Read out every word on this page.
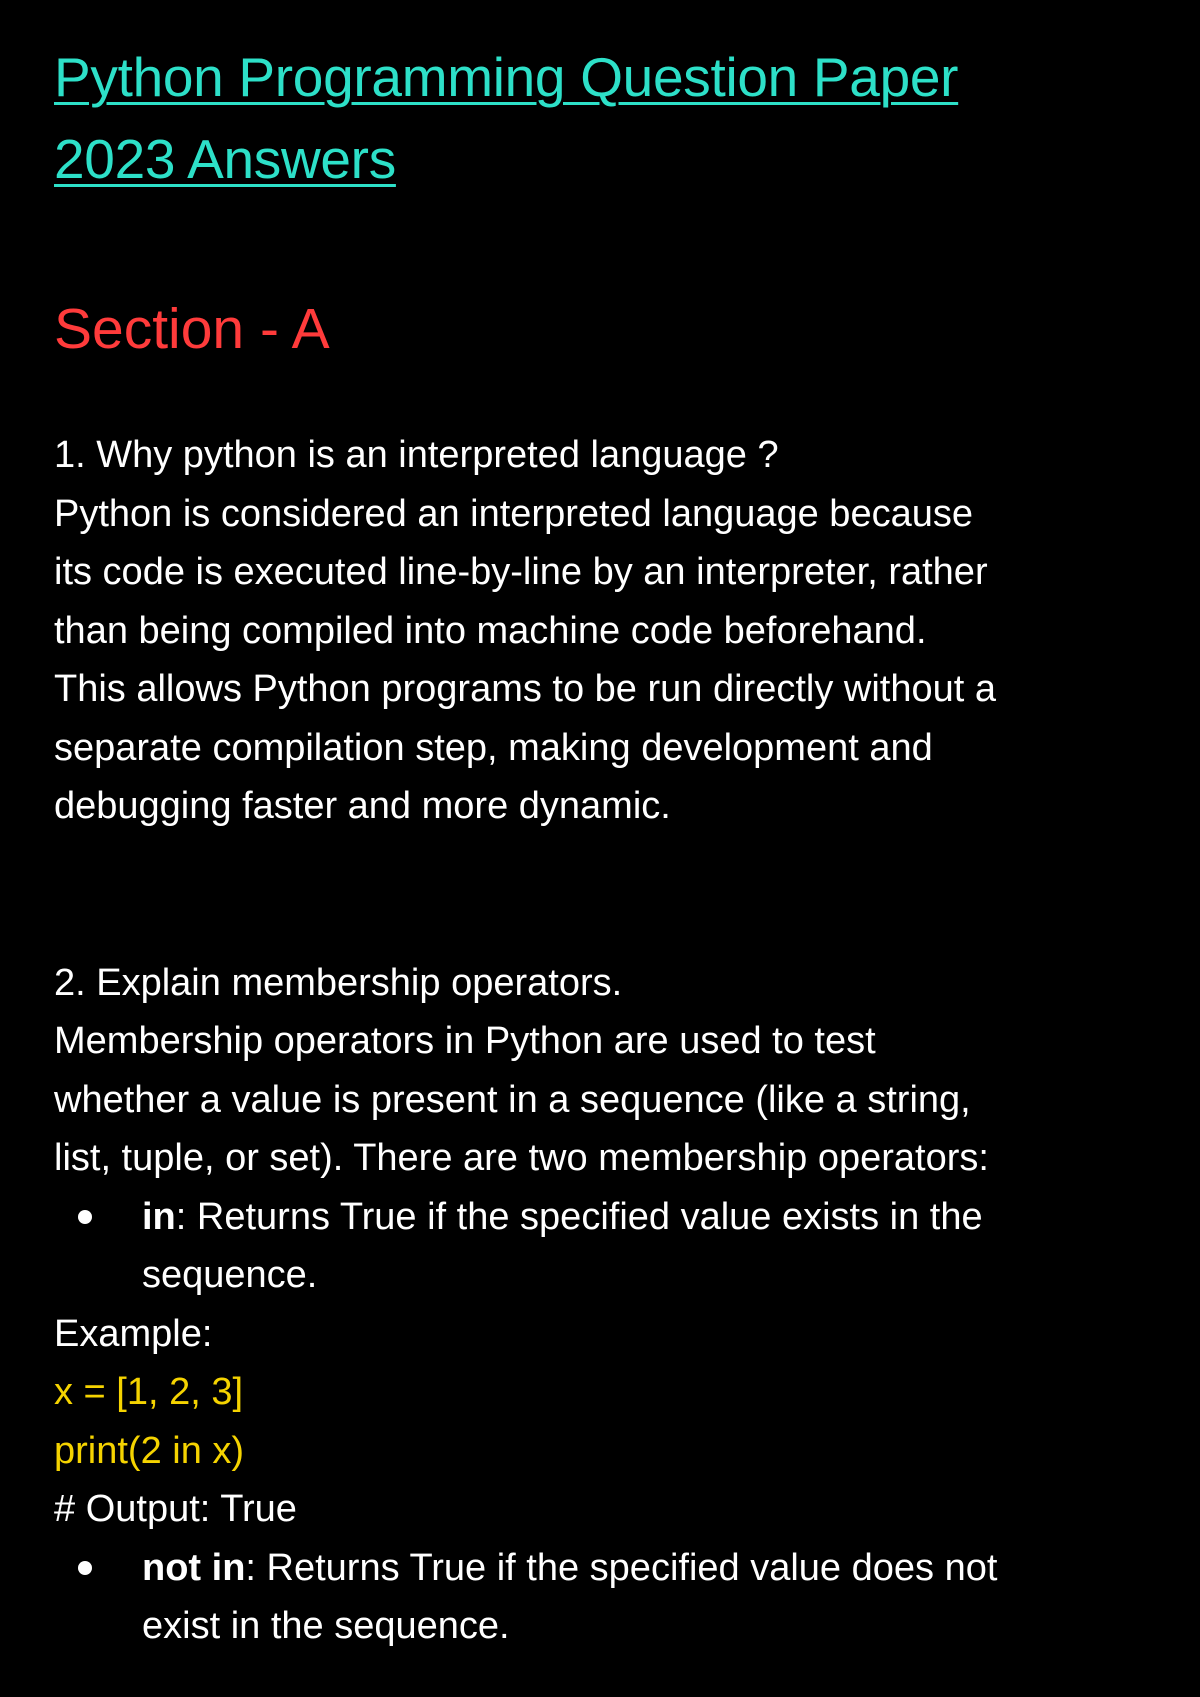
Python Programming Question Paper
2023 Answers
Section - A
1. Why python is an interpreted language ?
Python is considered an interpreted language because
its code is executed line-by-line by an interpreter, rather
than being compiled into machine code beforehand.
This allows Python programs to be run directly without a
separate compilation step, making development and
debugging faster and more dynamic.
2. Explain membership operators.
Membership operators in Python are used to test
whether a value is present in a sequence (like a string,
list, tuple, or set). There are two membership operators:
in: Returns True if the specified value exists in the
sequence.
Example:
x = [1, 2, 3]
print(2 in x)
# Output: True
not in: Returns True if the specified value does not
exist in the sequence.
